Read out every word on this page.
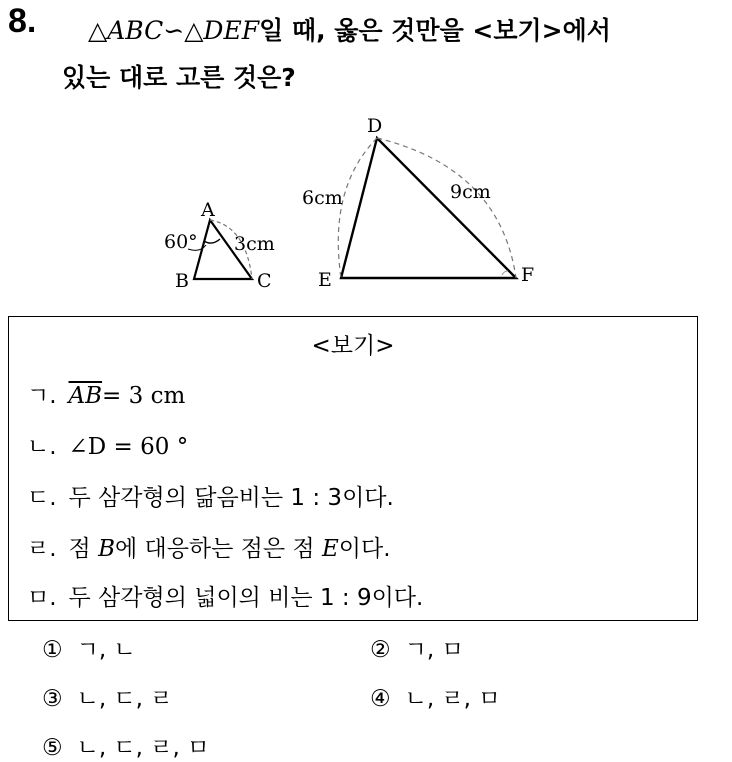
8. △ABC∽△DEF일 때, 옳은 것만을 <보기>에서
있는 대로 고른 것은?
A
B	C
60° 3cm
D
E	F
6cm	9cm
<보기>
ㄱ. $\overline{AB}= 3$ cm
ㄴ. ∠D = 60 °
ㄷ. 두 삼각형의 닮음비는 1 : 3이다.
ㄹ. 점 B에 대응하는 점은 점 E이다.
ㅁ. 두 삼각형의 넓이의 비는 1 : 9이다.
① ㄱ, ㄴ	② ㄱ, ㅁ
③ ㄴ, ㄷ, ㄹ	④ ㄴ, ㄹ, ㅁ
⑤ ㄴ, ㄷ, ㄹ, ㅁ
